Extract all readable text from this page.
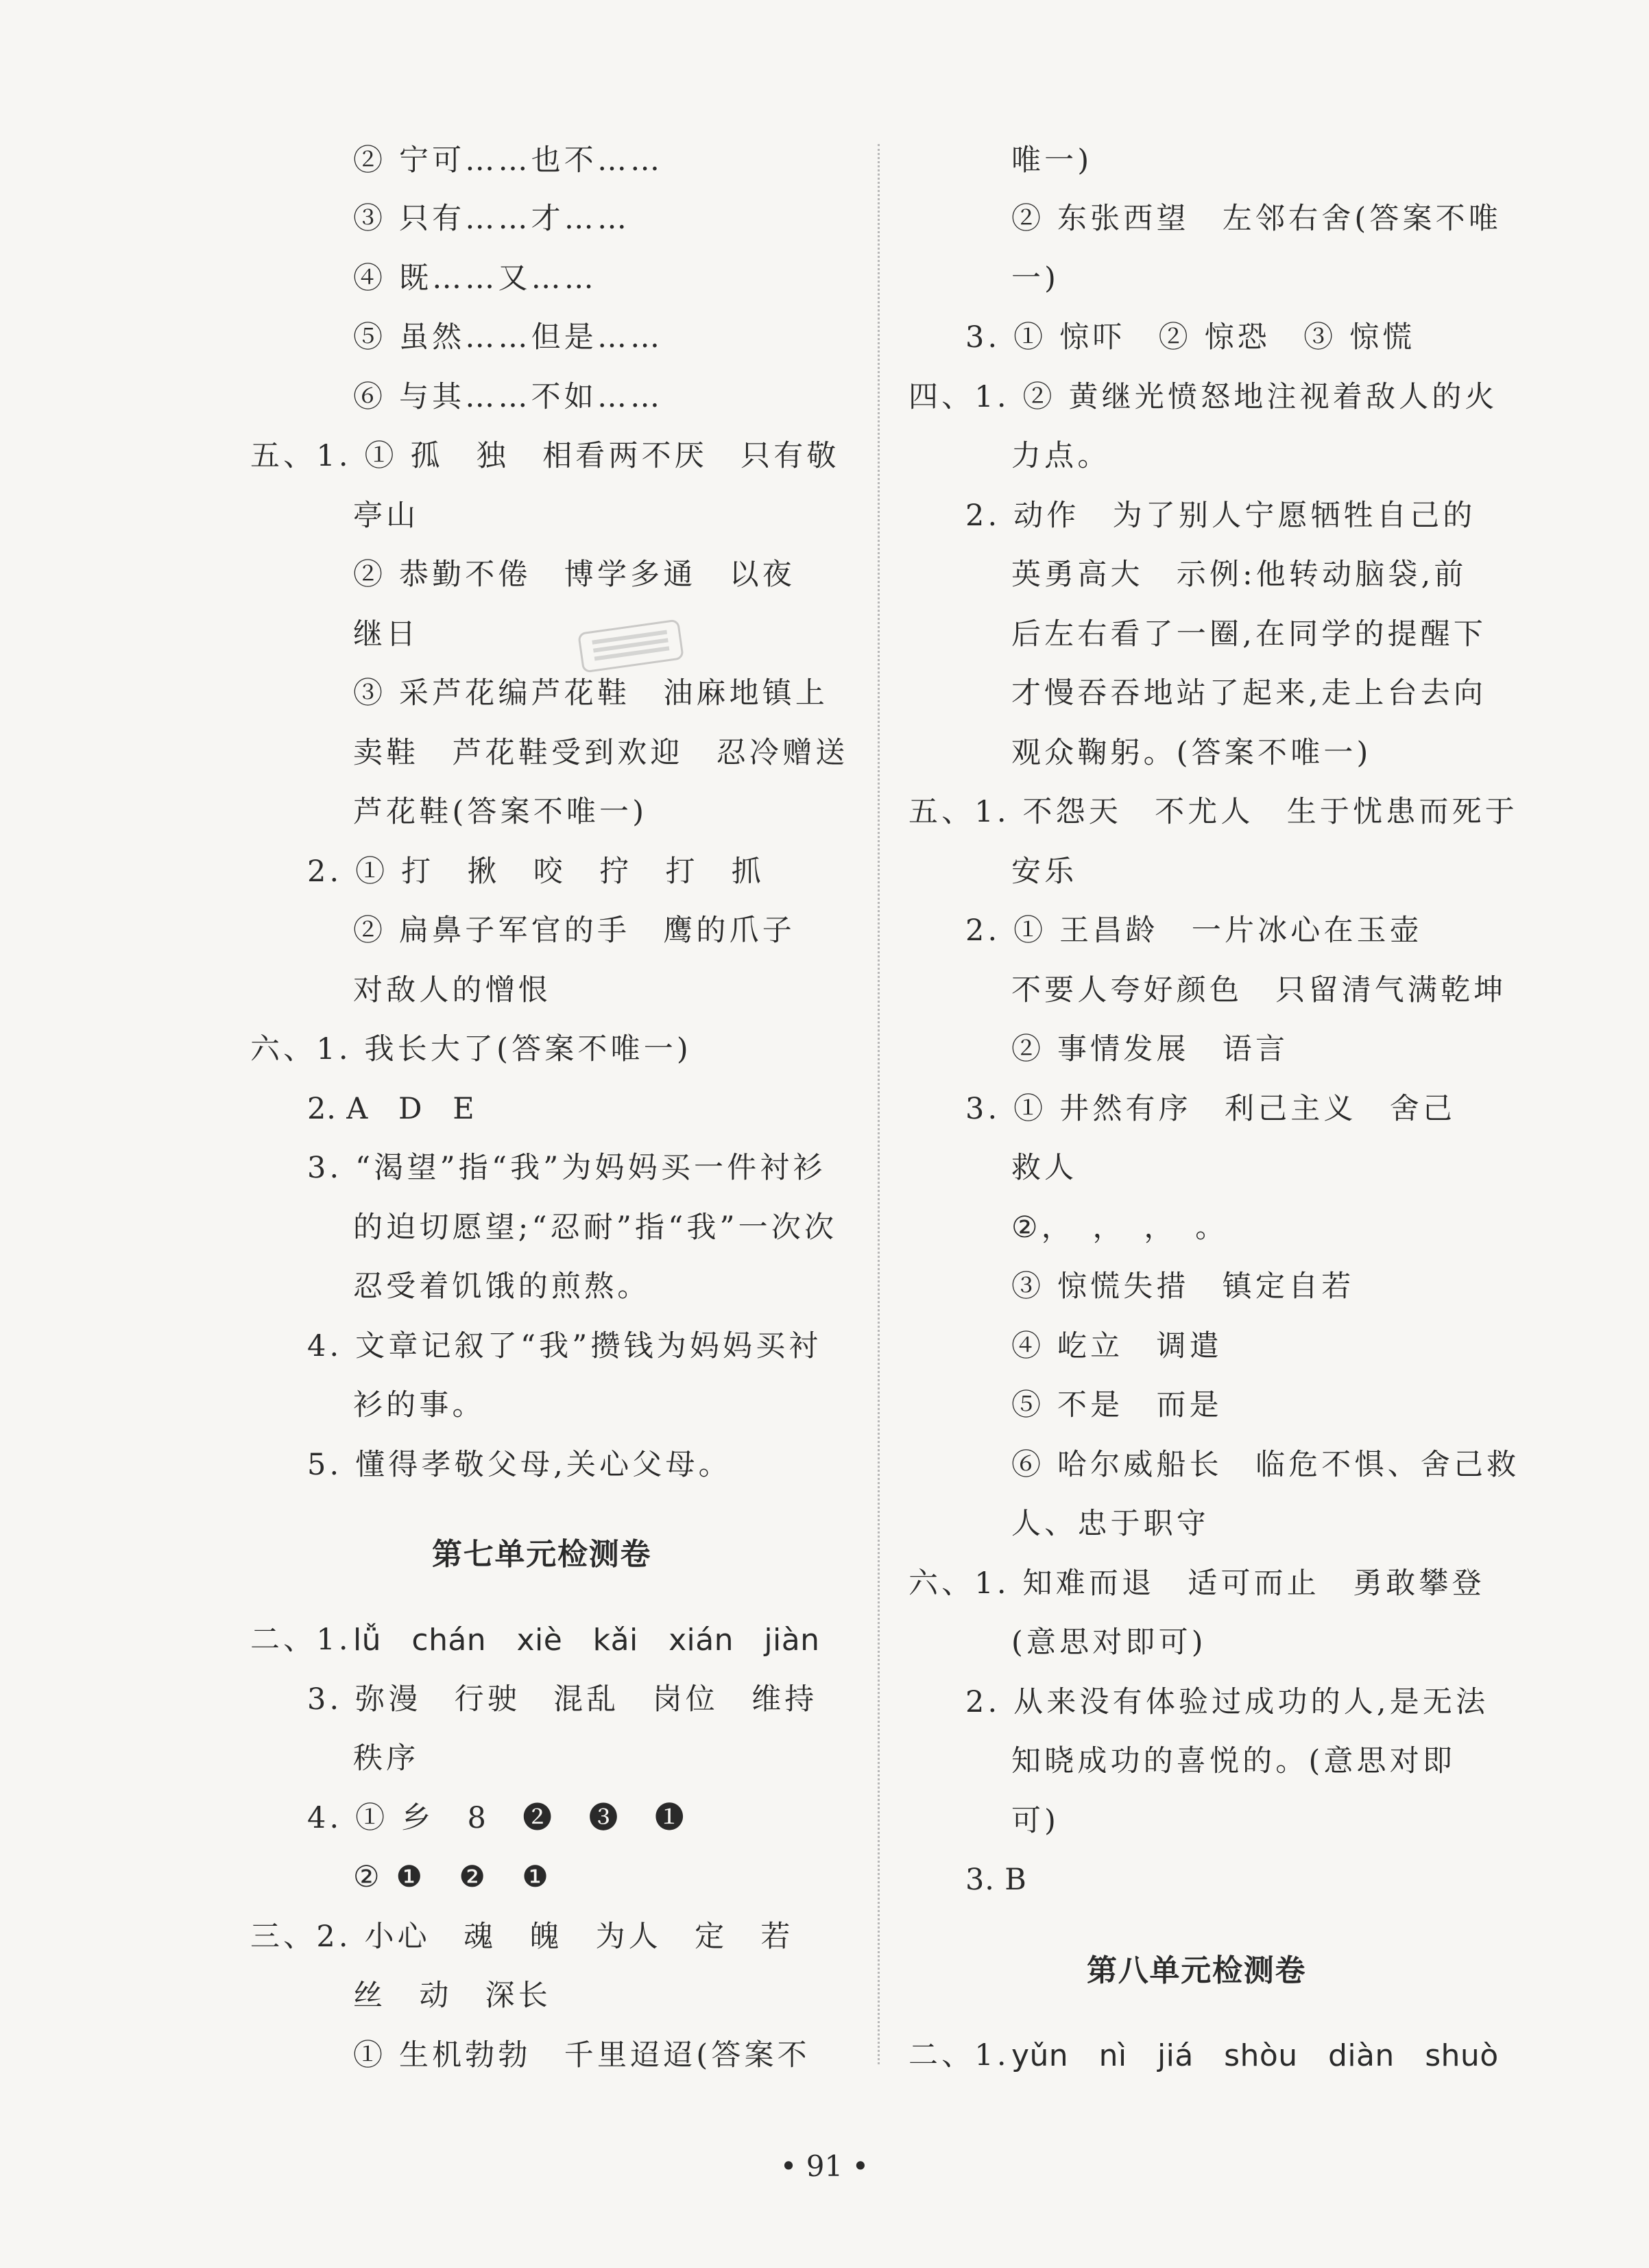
② 宁可……也不……
③ 只有……才……
④ 既……又……
⑤ 虽然……但是……
⑥ 与其……不如……
五、1. ① 孤　独　相看两不厌　只有敬
亭山
② 恭勤不倦　博学多通　以夜
继日
③ 采芦花编芦花鞋　油麻地镇上
卖鞋　芦花鞋受到欢迎　忍冷赠送
芦花鞋(答案不唯一)
2. ① 打　揪　咬　拧　打　抓
② 扁鼻子军官的手　鹰的爪子
对敌人的憎恨
六、1. 我长大了(答案不唯一)
2. A　D　E
3. “渴望”指“我”为妈妈买一件衬衫
的迫切愿望;“忍耐”指“我”一次次
忍受着饥饿的煎熬。
4. 文章记叙了“我”攒钱为妈妈买衬
衫的事。
5. 懂得孝敬父母,关心父母。
第七单元检测卷
二、1. lǚ　chán　xiè　kǎi　xián　jiàn
3. 弥漫　行驶　混乱　岗位　维持
秩序
4. ① 乡　8　❷　❸　❶
② ❶　❷　❶
三、2. 小心　魂　魄　为人　定　若
丝　动　深长
① 生机勃勃　千里迢迢(答案不
唯一)
② 东张西望　左邻右舍(答案不唯
一)
3. ① 惊吓　② 惊恐　③ 惊慌
四、1. ② 黄继光愤怒地注视着敌人的火
力点。
2. 动作　为了别人宁愿牺牲自己的
英勇高大　示例:他转动脑袋,前
后左右看了一圈,在同学的提醒下
才慢吞吞地站了起来,走上台去向
观众鞠躬。(答案不唯一)
五、1. 不怨天　不尤人　生于忧患而死于
安乐
2. ① 王昌龄　一片冰心在玉壶
不要人夸好颜色　只留清气满乾坤
② 事情发展　语言
3. ① 井然有序　利己主义　舍己
救人
②，　，　，　。
③ 惊慌失措　镇定自若
④ 屹立　调遣
⑤ 不是　而是
⑥ 哈尔威船长　临危不惧、舍己救
人、忠于职守
六、1. 知难而退　适可而止　勇敢攀登
(意思对即可)
2. 从来没有体验过成功的人,是无法
知晓成功的喜悦的。(意思对即
可)
3. B
第八单元检测卷
二、1. yǔn　nì　jiá　shòu　diàn　shuò
• 91 •
